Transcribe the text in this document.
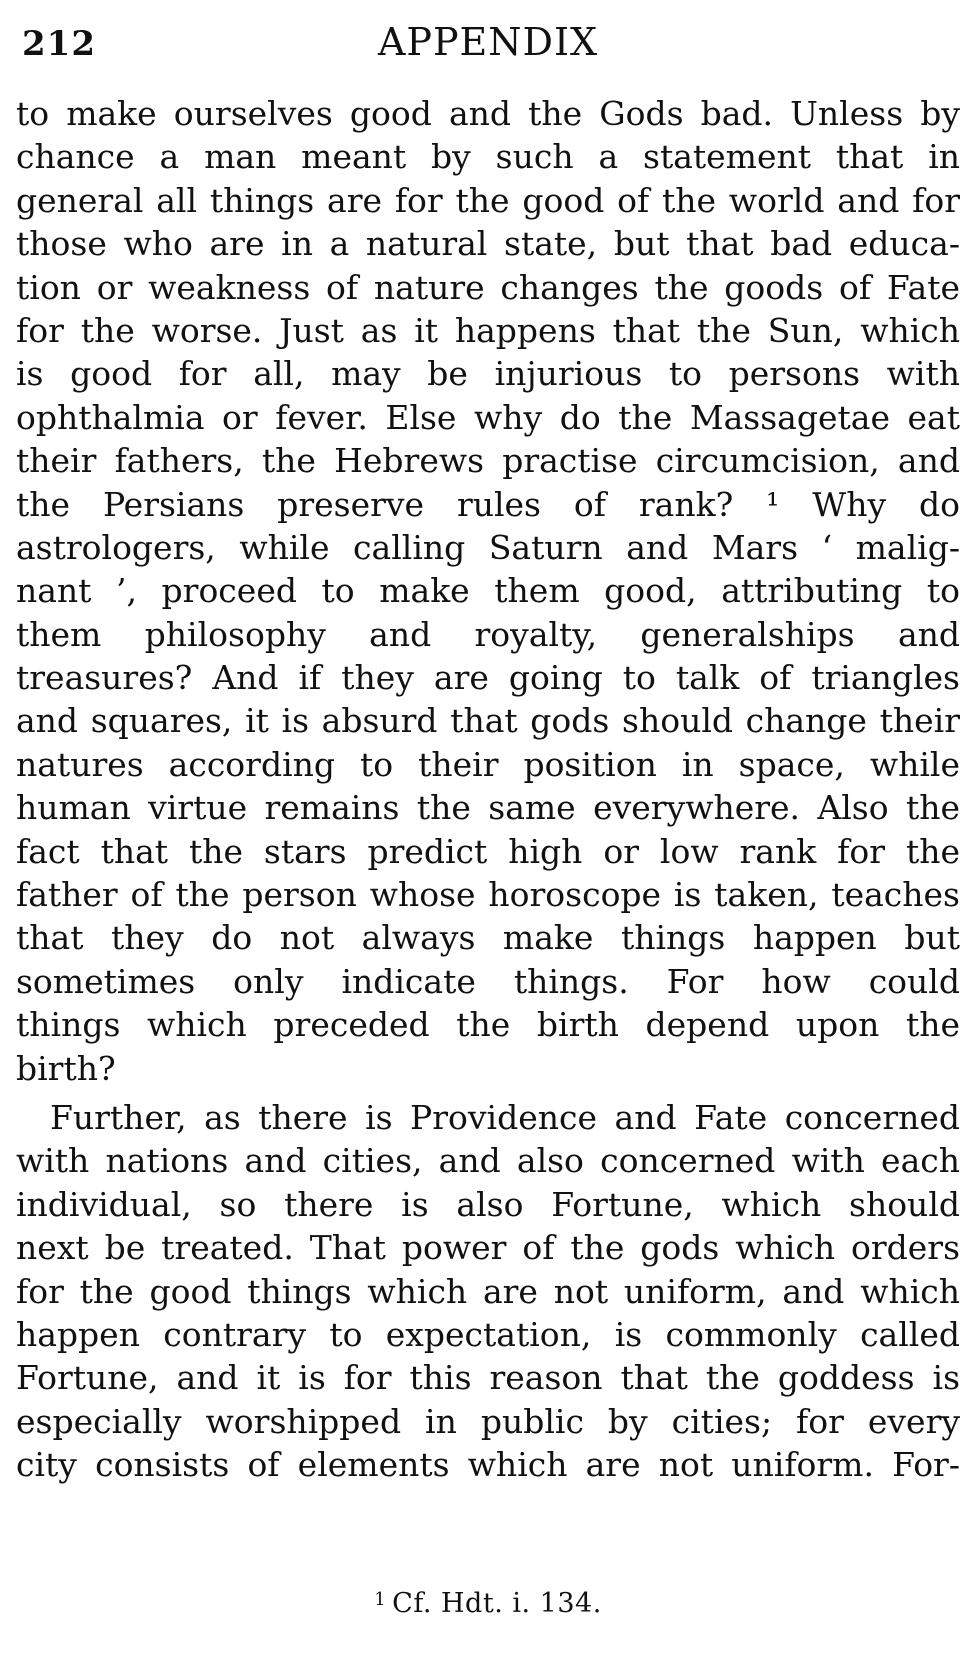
212	APPENDIX
to make ourselves good and the Gods bad. Unless by
chance a man meant by such a statement that in
general all things are for the good of the world and for
those who are in a natural state, but that bad educa-
tion or weakness of nature changes the goods of Fate
for the worse. Just as it happens that the Sun, which
is good for all, may be injurious to persons with
ophthalmia or fever. Else why do the Massagetae eat
their fathers, the Hebrews practise circumcision, and
the Persians preserve rules of rank? ¹ Why do
astrologers, while calling Saturn and Mars ‘ malig-
nant ’, proceed to make them good, attributing to
them philosophy and royalty, generalships and
treasures? And if they are going to talk of triangles
and squares, it is absurd that gods should change their
natures according to their position in space, while
human virtue remains the same everywhere. Also the
fact that the stars predict high or low rank for the
father of the person whose horoscope is taken, teaches
that they do not always make things happen but
sometimes only indicate things. For how could
things which preceded the birth depend upon the
birth?
Further, as there is Providence and Fate concerned
with nations and cities, and also concerned with each
individual, so there is also Fortune, which should
next be treated. That power of the gods which orders
for the good things which are not uniform, and which
happen contrary to expectation, is commonly called
Fortune, and it is for this reason that the goddess is
especially worshipped in public by cities; for every
city consists of elements which are not uniform. For-
$^1$ Cf. Hdt. i. 134.
